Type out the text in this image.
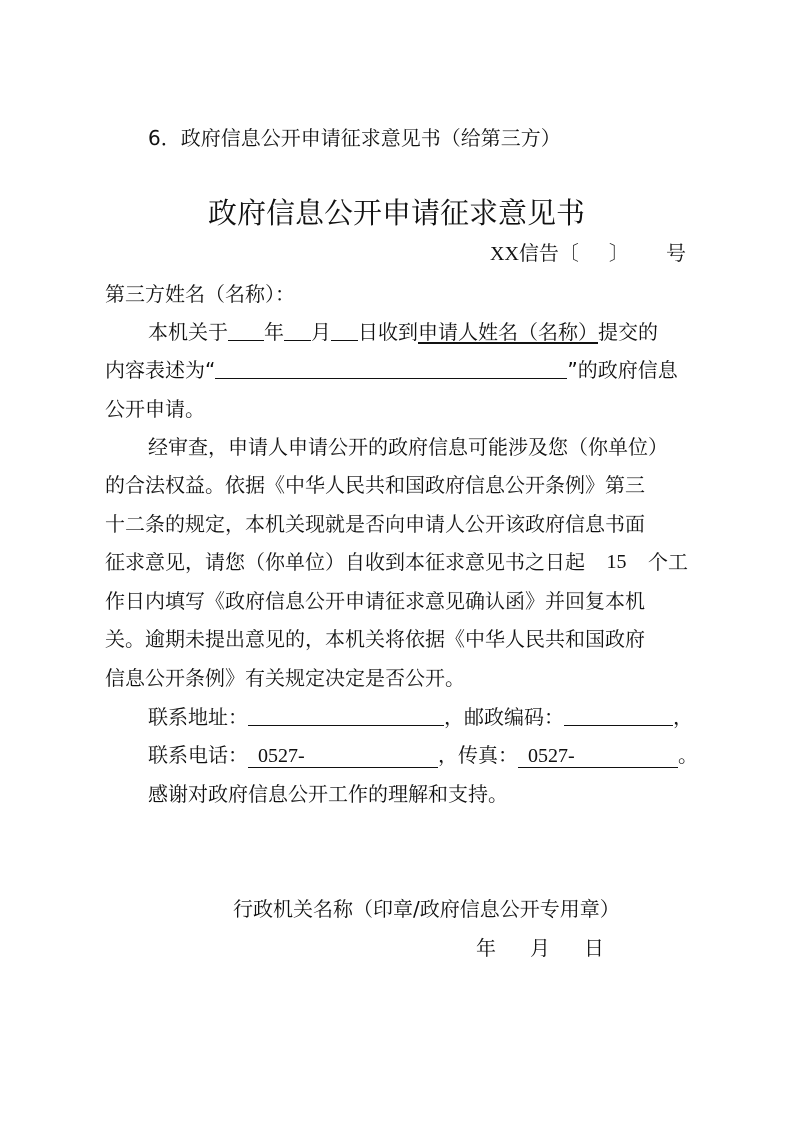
6．政府信息公开申请征求意见书（给第三方）
政府信息公开申请征求意见书
XX信告〔 〕 号
第三方姓名（名称）：
本机关于 年 月 日收到申请人姓名（名称）提交的
内容表述为“	”的政府信息
公开申请。
经审查，申请人申请公开的政府信息可能涉及您（你单位）
的合法权益。依据《中华人民共和国政府信息公开条例》第三
十二条的规定，本机关现就是否向申请人公开该政府信息书面
征求意见，请您（你单位）自收到本征求意见书之日起 15 个工
作日内填写《政府信息公开申请征求意见确认函》并回复本机
关。逾期未提出意见的，本机关将依据《中华人民共和国政府
信息公开条例》有关规定决定是否公开。
联系地址：	，邮政编码：	，
联系电话： 0527-	，传真： 0527-	。
感谢对政府信息公开工作的理解和支持。
行政机关名称（印章/政府信息公开专用章）
年 月 日
